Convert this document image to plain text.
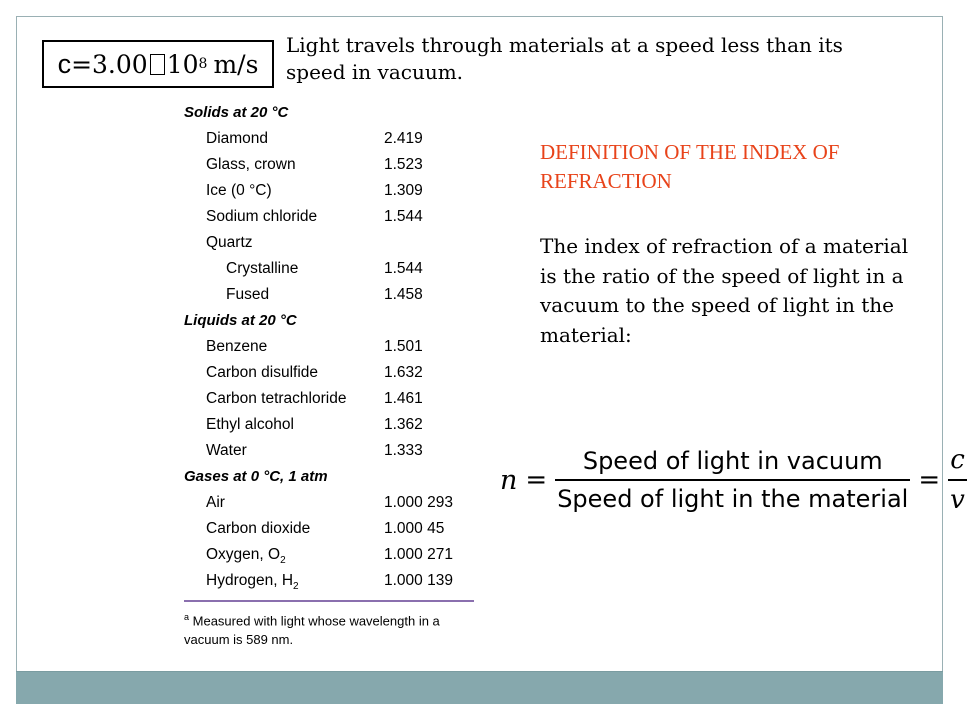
c = 3.00 10 8 m/s
Light travels through materials at a speed less than its speed in vacuum.
Solids at 20 °C
Diamond	2.419
Glass, crown	1.523
Ice (0 °C)	1.309
Sodium chloride	1.544
Quartz
Crystalline	1.544
Fused	1.458
Liquids at 20 °C
Benzene	1.501
Carbon disulfide	1.632
Carbon tetrachloride 1.461
Ethyl alcohol	1.362
Water	1.333
Gases at 0 °C, 1 atm
Air	1.000 293
Carbon dioxide	1.000 45
Oxygen, $O_2$	1.000 271
Hydrogen, $H_2$	1.000 139
$^a$ Measured with light whose wavelength in a vacuum is 589 nm.
DEFINITION OF THE INDEX OF REFRACTION
The index of refraction of a material is the ratio of the speed of light in a vacuum to the speed of light in the material:
$n = \frac{\text{Speed of light in vacuum}}{\text{Speed of light in the material}} = \frac{c}{v}$
